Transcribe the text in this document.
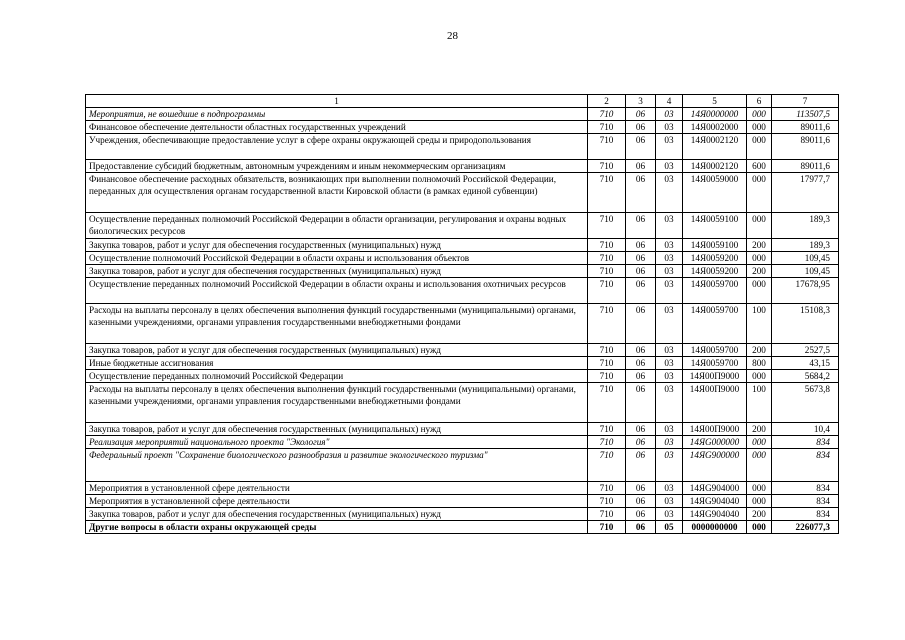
28
1	2	3	4	5	6	7
Мероприятия, не вошедшие в подпрограммы	710	06	03	14Я0000000	000	113507,5
Финансовое обеспечение деятельности областных государственных учреждений	710	06	03	14Я0002000	000	89011,6
Учреждения, обеспечивающие предоставление услуг в сфере охраны окружающей среды и природопользования	710	06	03	14Я0002120	000	89011,6
Предоставление субсидий бюджетным, автономным учреждениям и иным некоммерческим организациям	710	06	03	14Я0002120	600	89011,6
Финансовое обеспечение расходных обязательств, возникающих при выполнении полномочий Российской Федерации, переданных для осуществления органам государственной власти Кировской области (в рамках единой субвенции)	710	06	03	14Я0059000	000	17977,7
Осуществление переданных полномочий Российской Федерации в области организации, регулирования и охраны водных биологических ресурсов	710	06	03	14Я0059100	000	189,3
Закупка товаров, работ и услуг для обеспечения государственных (муниципальных) нужд	710	06	03	14Я0059100	200	189,3
Осуществление полномочий Российской Федерации в области охраны и использования объектов	710	06	03	14Я0059200	000	109,45
Закупка товаров, работ и услуг для обеспечения государственных (муниципальных) нужд	710	06	03	14Я0059200	200	109,45
Осуществление переданных полномочий Российской Федерации в области охраны и использования охотничьих ресурсов	710	06	03	14Я0059700	000	17678,95
Расходы на выплаты персоналу в целях обеспечения выполнения функций государственными (муниципальными) органами, казенными учреждениями, органами управления государственными внебюджетными фондами	710	06	03	14Я0059700	100	15108,3
Закупка товаров, работ и услуг для обеспечения государственных (муниципальных) нужд	710	06	03	14Я0059700	200	2527,5
Иные бюджетные ассигнования	710	06	03	14Я0059700	800	43,15
Осуществление переданных полномочий Российской Федерации	710	06	03	14Я00П9000	000	5684,2
Расходы на выплаты персоналу в целях обеспечения выполнения функций государственными (муниципальными) органами, казенными учреждениями, органами управления государственными внебюджетными фондами	710	06	03	14Я00П9000	100	5673,8
Закупка товаров, работ и услуг для обеспечения государственных (муниципальных) нужд	710	06	03	14Я00П9000	200	10,4
Реализация мероприятий национального проекта "Экология"	710	06	03	14ЯG000000	000	834
Федеральный проект "Сохранение биологического разнообразия и развитие экологического туризма"	710	06	03	14ЯG900000	000	834
Мероприятия в установленной сфере деятельности	710	06	03	14ЯG904000	000	834
Мероприятия в установленной сфере деятельности	710	06	03	14ЯG904040	000	834
Закупка товаров, работ и услуг для обеспечения государственных (муниципальных) нужд	710	06	03	14ЯG904040	200	834
Другие вопросы в области охраны окружающей среды	710	06	05	0000000000	000	226077,3
